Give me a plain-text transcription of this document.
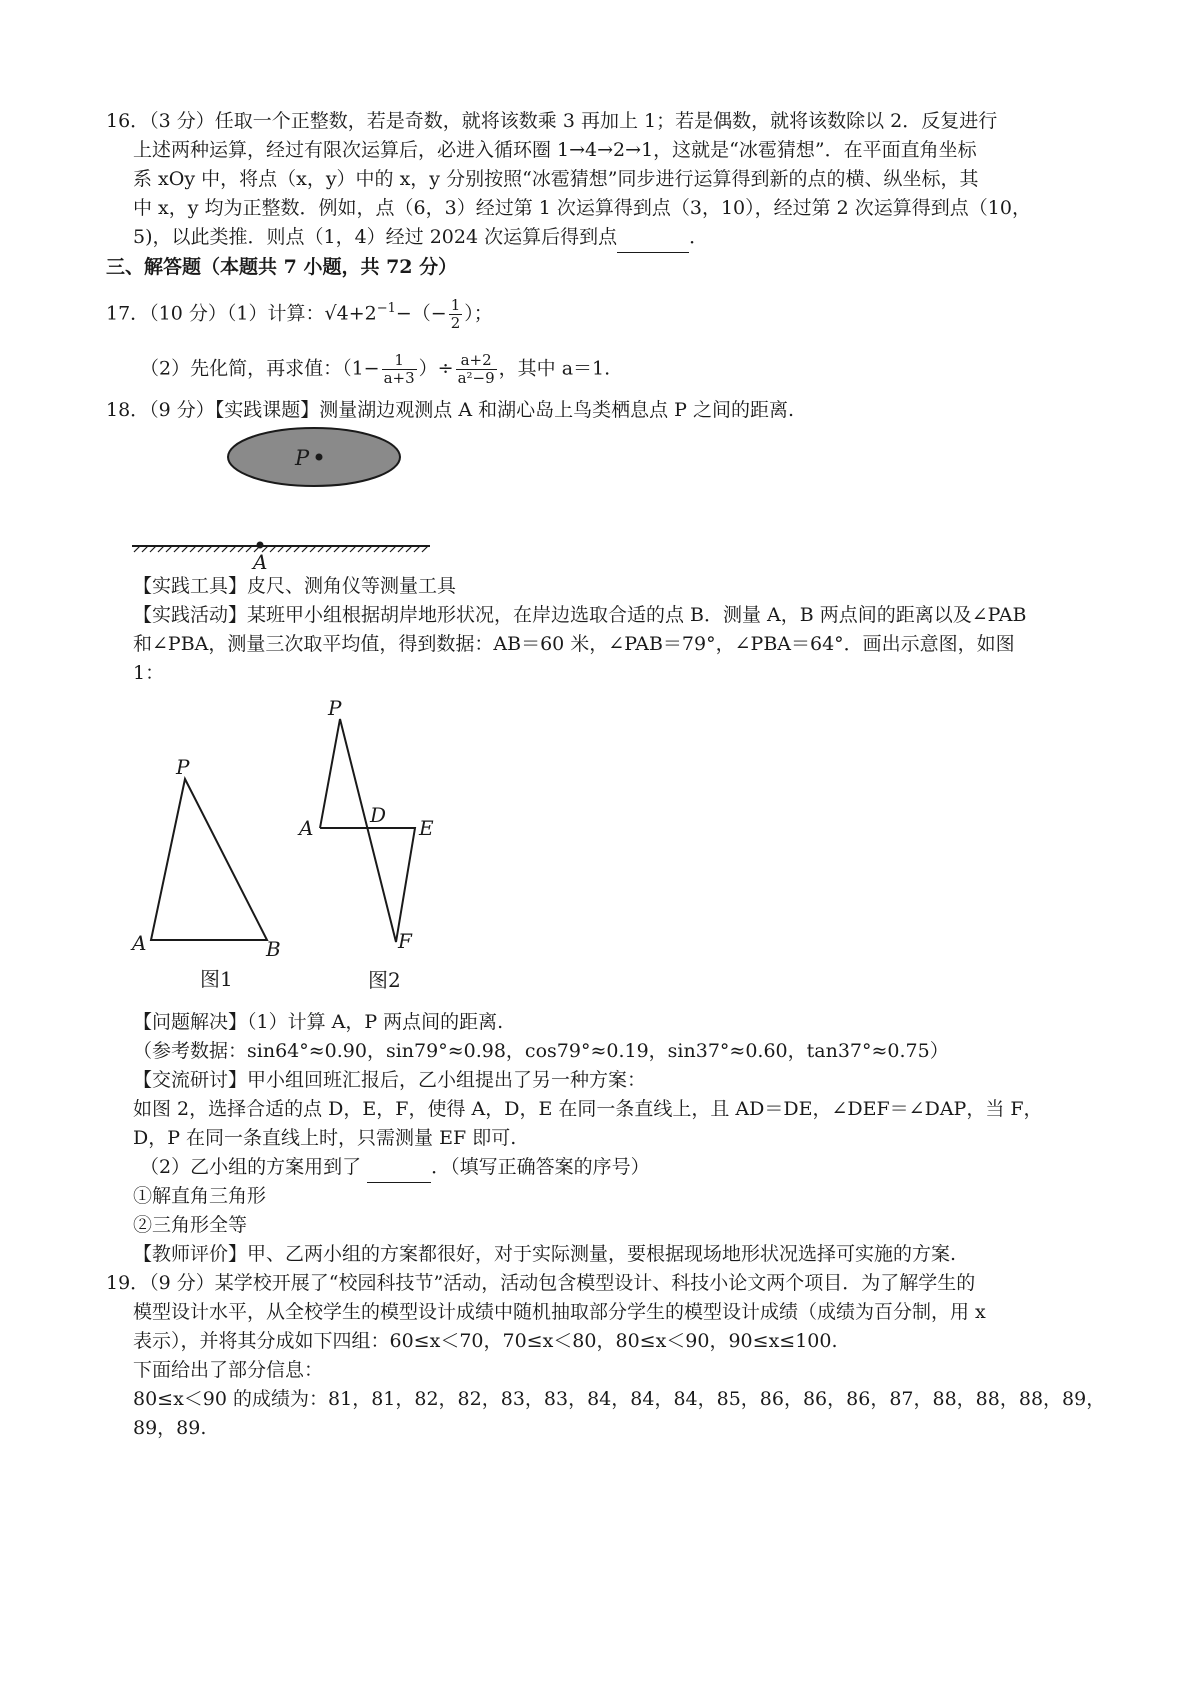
16．（3 分）任取一个正整数，若是奇数，就将该数乘 3 再加上 1；若是偶数，就将该数除以 2．反复进行
上述两种运算，经过有限次运算后，必进入循环圈 1→4→2→1，这就是“冰雹猜想”．在平面直角坐标
系 xOy 中，将点（x，y）中的 x，y 分别按照“冰雹猜想”同步进行运算得到新的点的横、纵坐标，其
中 x，y 均为正整数．例如，点（6，3）经过第 1 次运算得到点（3，10），经过第 2 次运算得到点（10，
5)，以此类推．则点（1，4）经过 2024 次运算后得到点	．
三、解答题（本题共 7 小题，共 72 分）
17．（10 分）（1）计算：$√4+2^{-1}-(- \frac{1}{2}$ ）；
（2）先化简，再求值：（$1- \frac{1}{a+3}$ ）÷ $\frac{a+2}{\text{a²−9}}$ ，其中 a＝1.
18．（9 分）【实践课题】测量湖边观测点 A 和湖心岛上鸟类栖息点 P 之间的距离.
P
A
【实践工具】皮尺、测角仪等测量工具
【实践活动】某班甲小组根据胡岸地形状况，在岸边选取合适的点 B．测量 A，B 两点间的距离以及∠PAB
和∠PBA，测量三次取平均值，得到数据：AB＝60 米，∠PAB＝79°，∠PBA＝64°．画出示意图，如图
1：
P
A	B
图1
P
A
D
E
F
图2
【问题解决】（1）计算 A，P 两点间的距离.
（参考数据：sin64°≈0.90，sin79°≈0.98，cos79°≈0.19，sin37°≈0.60，tan37°≈0.75）
【交流研讨】甲小组回班汇报后，乙小组提出了另一种方案：
如图 2，选择合适的点 D，E，F，使得 A，D，E 在同一条直线上，且 AD＝DE，∠DEF＝∠DAP，当 F，
D，P 在同一条直线上时，只需测量 EF 即可.
（2）乙小组的方案用到了	．（填写正确答案的序号）
①解直角三角形
②三角形全等
【教师评价】甲、乙两小组的方案都很好，对于实际测量，要根据现场地形状况选择可实施的方案.
19．（9 分）某学校开展了“校园科技节”活动，活动包含模型设计、科技小论文两个项目．为了解学生的
模型设计水平，从全校学生的模型设计成绩中随机抽取部分学生的模型设计成绩（成绩为百分制，用 x
表示），并将其分成如下四组：60≤x＜70，70≤x＜80，80≤x＜90，90≤x≤100.
下面给出了部分信息：
80≤x＜90 的成绩为：81，81，82，82，83，83，84，84，84，85，86，86，86，87，88，88，88，89，
89，89.
